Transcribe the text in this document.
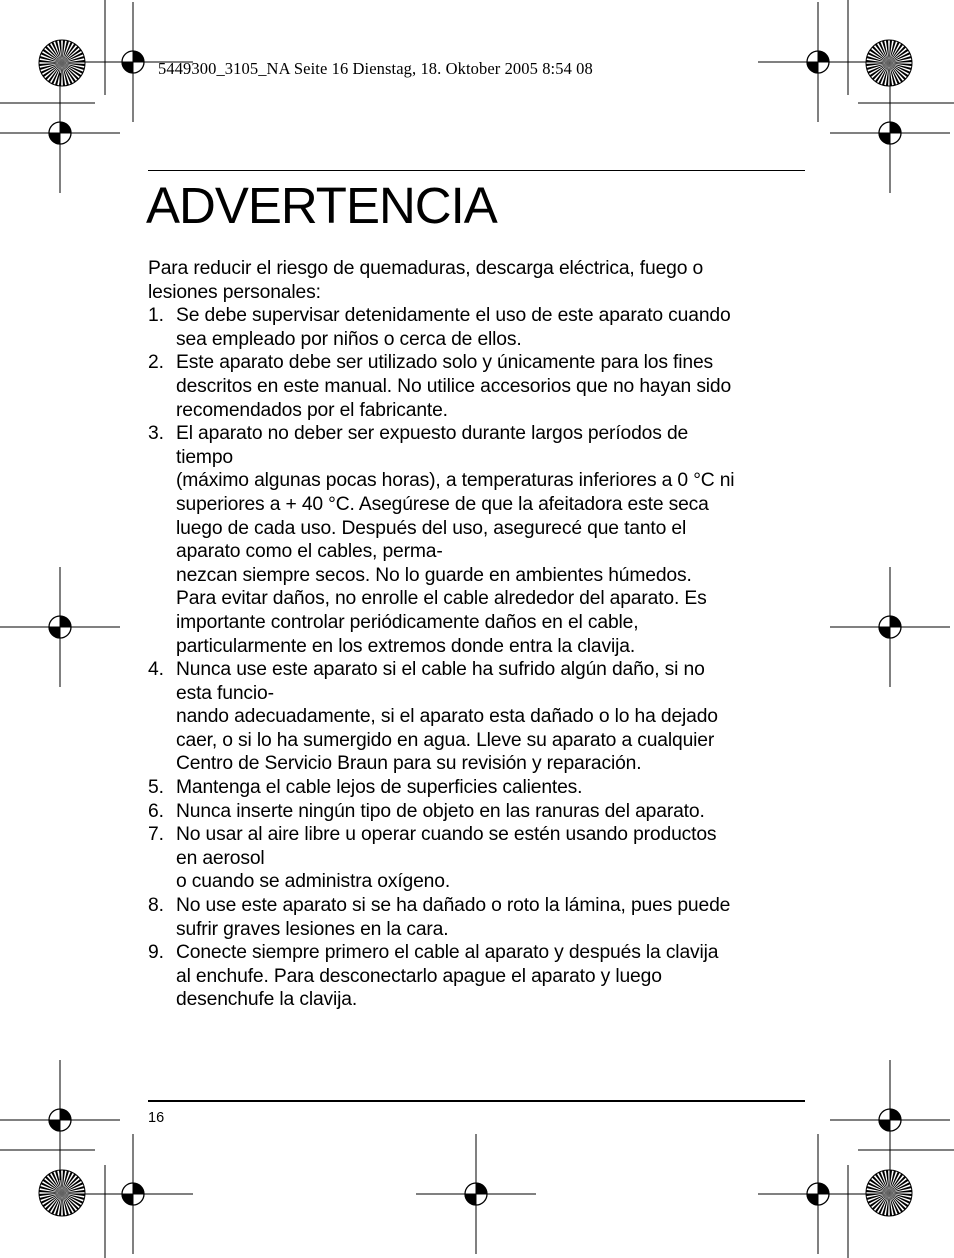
5449300_3105_NA Seite 16 Dienstag, 18. Oktober 2005 8:54 08
ADVERTENCIA

Para reducir el riesgo de quemaduras, descarga eléctrica, fuego o
lesiones personales:

1. Se debe supervisar detenidamente el uso de este aparato cuando
sea empleado por niños o cerca de ellos.
2. Este aparato debe ser utilizado solo y únicamente para los fines
descritos en este manual. No utilice accesorios que no hayan sido
recomendados por el fabricante.
3. El aparato no deber ser expuesto durante largos períodos de
tiempo
(máximo algunas pocas horas), a temperaturas inferiores a 0 °C ni
superiores a + 40 °C. Asegúrese de que la afeitadora este seca
luego de cada uso. Después del uso, asegurесé que tanto el
aparato como el cables, perma-
nezcan siempre secos. No lo guarde en ambientes húmedos.
Para evitar daños, no enrolle el cable alrededor del aparato. Es
importante controlar periódicamente daños en el cable,
particularmente en los extremos donde entra la clavija.
4. Nunca use este aparato si el cable ha sufrido algún daño, si no
esta funcio-
nando adecuadamente, si el aparato esta dañado o lo ha dejado
caer, o si lo ha sumergido en agua. Lleve su aparato a cualquier
Centro de Servicio Braun para su revisión y reparación.
5. Mantenga el cable lejos de superficies calientes.
6. Nunca inserte ningún tipo de objeto en las ranuras del aparato.
7. No usar al aire libre u operar cuando se estén usando productos
en aerosol
o cuando se administra oxígeno.
8. No use este aparato si se ha dañado o roto la lámina, pues puede
sufrir graves lesiones en la cara.
9. Conecte siempre primero el cable al aparato y después la clavija
al enchufe. Para desconectarlo apague el aparato y luego
desenchufe la clavija.
16
